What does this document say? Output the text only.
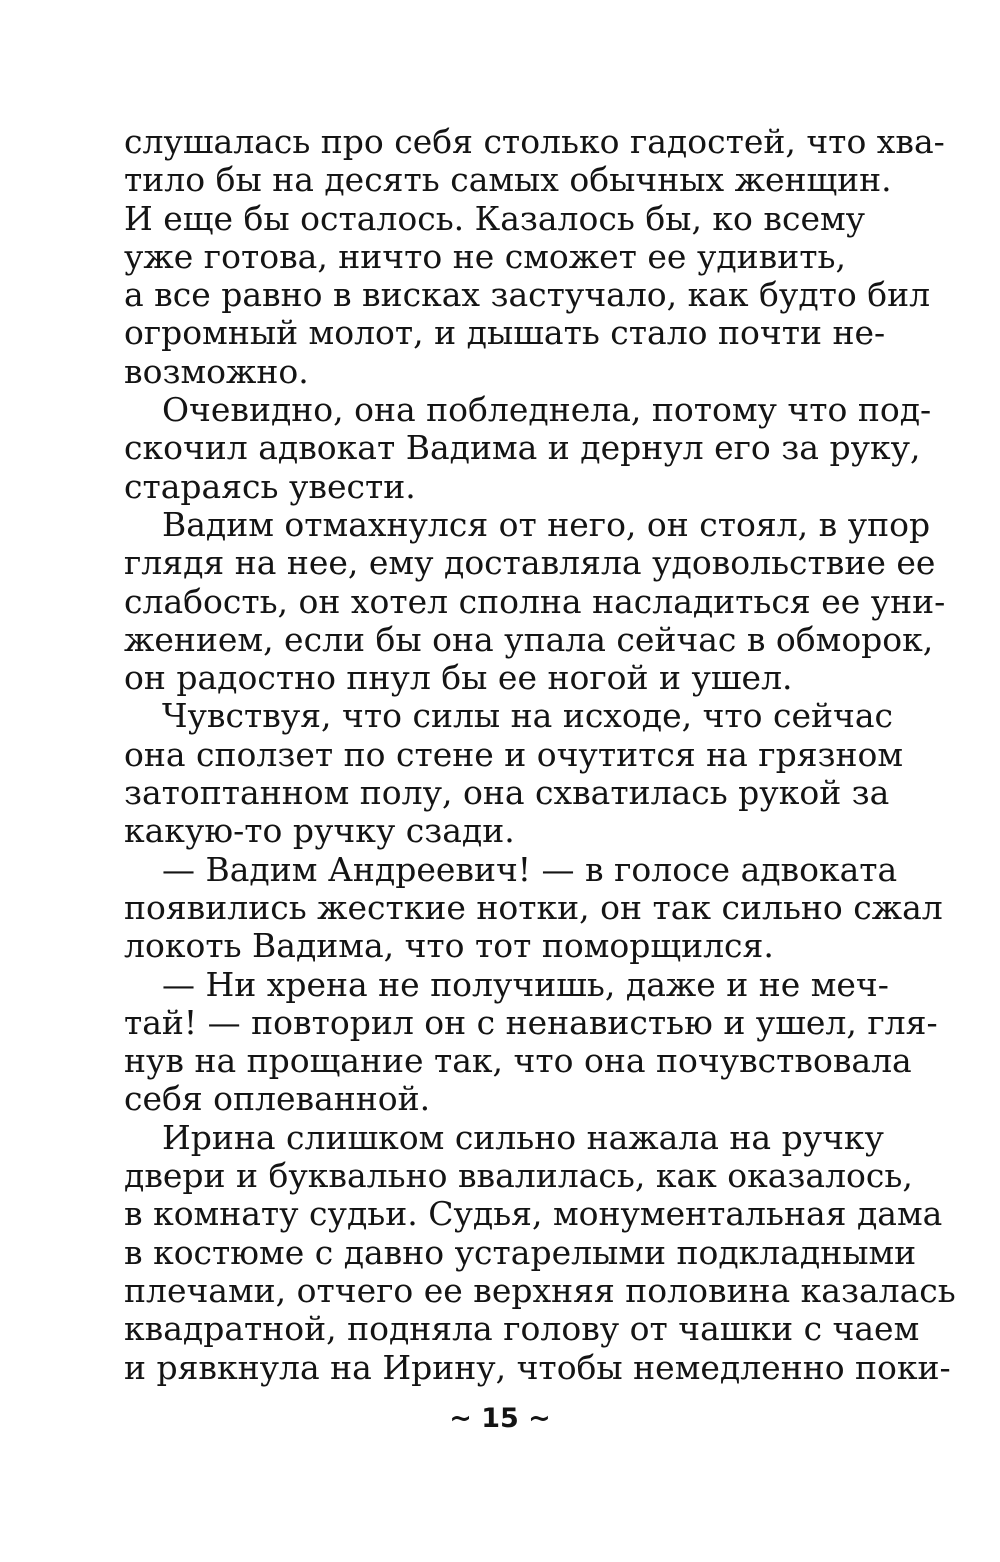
слушалась про себя столько гадостей, что хва-
тило бы на десять самых обычных женщин.
И еще бы осталось. Казалось бы, ко всему
уже готова, ничто не сможет ее удивить,
а все равно в висках застучало, как будто бил
огромный молот, и дышать стало почти не-
возможно.
Очевидно, она побледнела, потому что под-
скочил адвокат Вадима и дернул его за руку,
стараясь увести.
Вадим отмахнулся от него, он стоял, в упор
глядя на нее, ему доставляла удовольствие ее
слабость, он хотел сполна насладиться ее уни-
жением, если бы она упала сейчас в обморок,
он радостно пнул бы ее ногой и ушел.
Чувствуя, что силы на исходе, что сейчас
она сползет по стене и очутится на грязном
затоптанном полу, она схватилась рукой за
какую-то ручку сзади.
— Вадим Андреевич! — в голосе адвоката
появились жесткие нотки, он так сильно сжал
локоть Вадима, что тот поморщился.
— Ни хрена не получишь, даже и не меч-
тай! — повторил он с ненавистью и ушел, гля-
нув на прощание так, что она почувствовала
себя оплеванной.
Ирина слишком сильно нажала на ручку
двери и буквально ввалилась, как оказалось,
в комнату судьи. Судья, монументальная дама
в костюме с давно устарелыми подкладными
плечами, отчего ее верхняя половина казалась
квадратной, подняла голову от чашки с чаем
и рявкнула на Ирину, чтобы немедленно поки-
~ 15 ~
